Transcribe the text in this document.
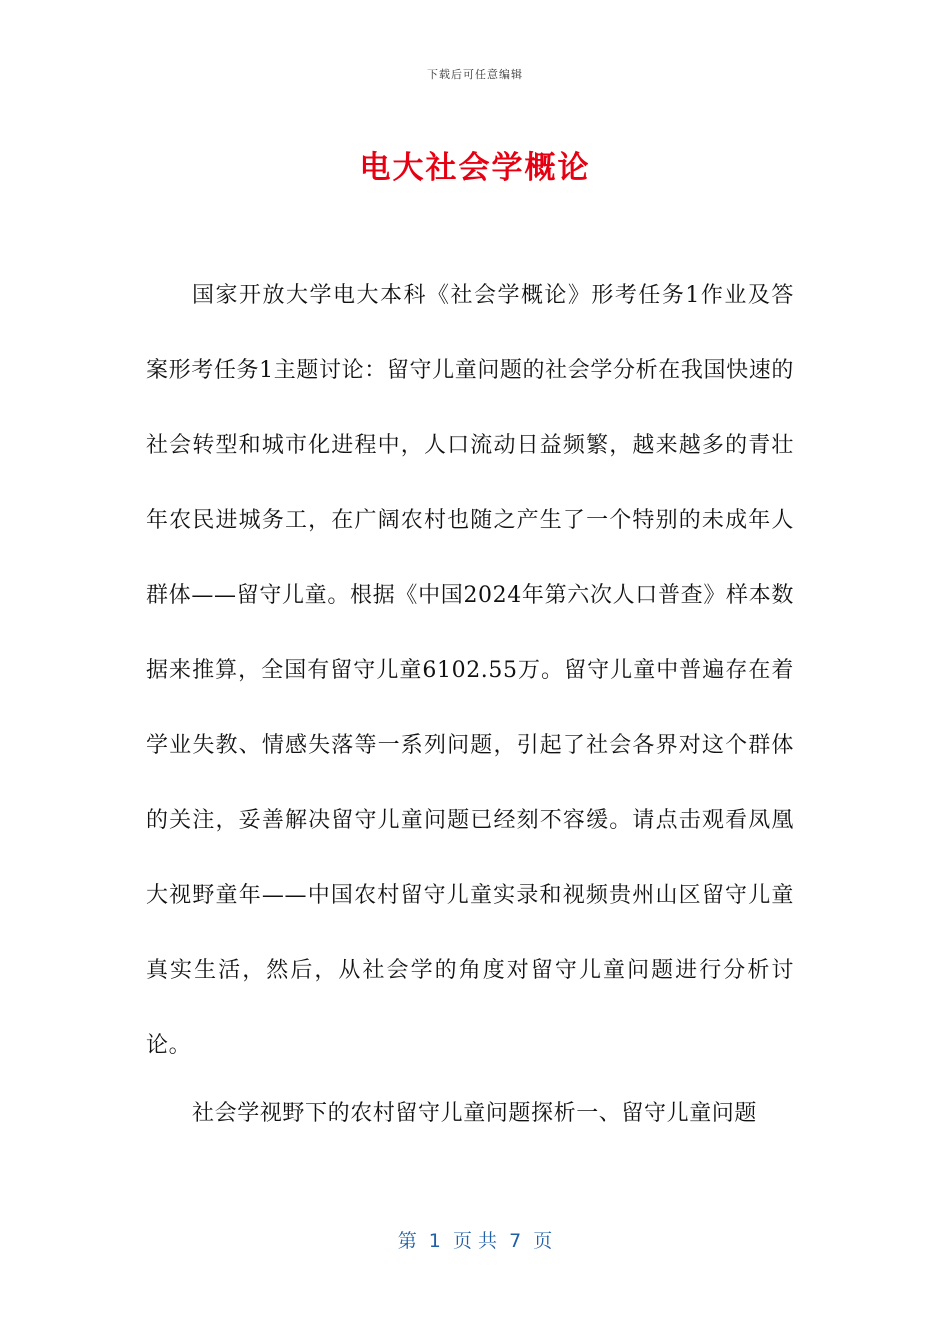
下载后可任意编辑
电大社会学概论

国家开放大学电大本科《社会学概论》形考任务1作业及答案形考任务1主题讨论：留守儿童问题的社会学分析在我国快速的社会转型和城市化进程中，人口流动日益频繁，越来越多的青壮年农民进城务工，在广阔农村也随之产生了一个特别的未成年人群体——留守儿童。根据《中国2024年第六次人口普查》样本数据来推算，全国有留守儿童6102.55万。留守儿童中普遍存在着学业失教、情感失落等一系列问题，引起了社会各界对这个群体的关注，妥善解决留守儿童问题已经刻不容缓。请点击观看凤凰大视野童年——中国农村留守儿童实录和视频贵州山区留守儿童真实生活，然后，从社会学的角度对留守儿童问题进行分析讨论。

社会学视野下的农村留守儿童问题探析一、留守儿童问题

第  1  页 共  7  页
